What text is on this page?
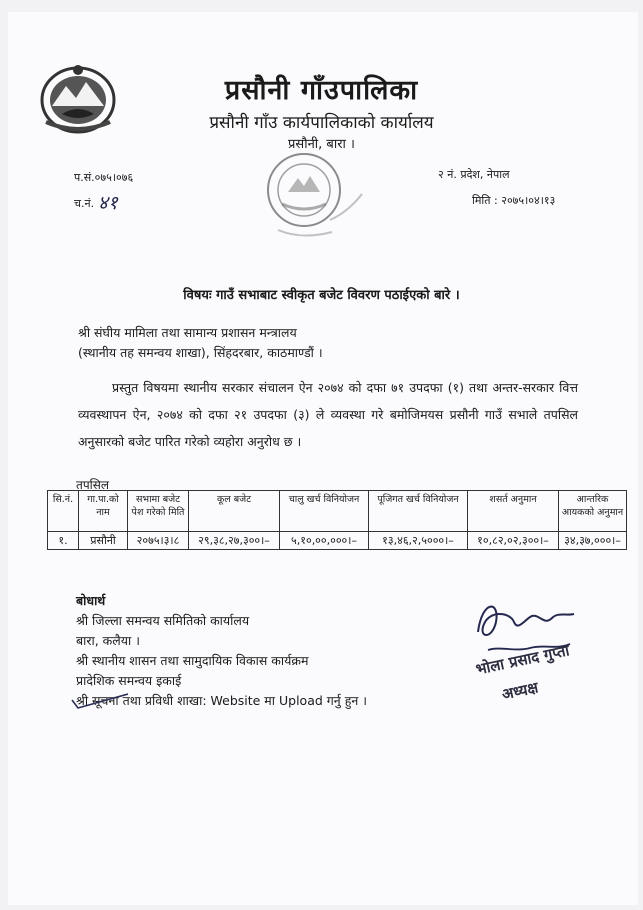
प्रसौनी गाँउपालिका
प्रसौनी गाँउ कार्यपालिकाको कार्यालय
प्रसौनी, बारा ।
प.सं.०७५।०७६
च.नं. ४१
२ नं. प्रदेश, नेपाल
मिति : २०७५।०४।१३
विषयः गाउँ सभाबाट स्वीकृत बजेट विवरण पठाईएको बारे ।
श्री संघीय मामिला तथा सामान्य प्रशासन मन्त्रालय
(स्थानीय तह समन्वय शाखा), सिंहदरबार, काठमाण्डौं ।

प्रस्तुत विषयमा स्थानीय सरकार संचालन ऐन २०७४ को दफा ७१ उपदफा (१) तथा अन्तर-सरकार वित्त व्यवस्थापन ऐन, २०७४ को दफा २१ उपदफा (३) ले व्यवस्था गरे बमोजिमयस प्रसौनी गाउँ सभाले तपसिल अनुसारको बजेट पारित गरेको व्यहोरा अनुरोध छ ।

तपसिल
सि.नं.	गा.पा.को नाम	सभामा बजेट पेश गरेको मिति	कूल बजेट	चालु खर्च विनियोजन	पूजिगत खर्च विनियोजन	शसर्त अनुमान	आन्तरिक आयकको अनुमान
१.	प्रसौनी	२०७५।३।८	२९,३८,२७,३००।–	५,१०,००,०००।–	१३,४६,२,५०००।–	१०,८२,०२,३००।–	३४,३७,०००।–
बोधार्थ
श्री जिल्ला समन्वय समितिको कार्यालय
बारा, कलैया ।
श्री स्थानीय शासन तथा सामुदायिक विकास कार्यक्रम
प्रादेशिक समन्वय इकाई
श्री सूचना तथा प्रविधी शाखा: Website मा Upload गर्नु हुन ।
भोला प्रसाद गुप्ता
अध्यक्ष
